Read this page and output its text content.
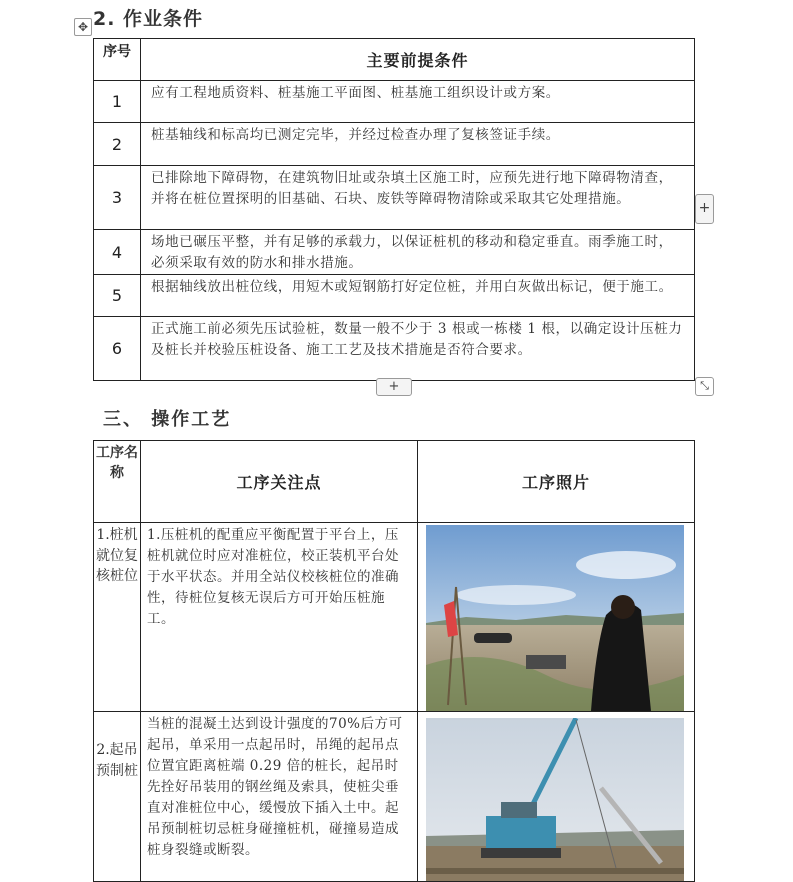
2. 作业条件
✥
序号	主要前提条件
1	应有工程地质资料、桩基施工平面图、桩基施工组织设计或方案。
2	桩基轴线和标高均已测定完毕，并经过检查办理了复核签证手续。
3	已排除地下障碍物，在建筑物旧址或杂填土区施工时，应预先进行地下障碍物清查，并将在桩位置探明的旧基础、石块、废铁等障碍物清除或采取其它处理措施。
4	场地已碾压平整，并有足够的承载力，以保证桩机的移动和稳定垂直。雨季施工时，必须采取有效的防水和排水措施。
5	根据轴线放出桩位线，用短木或短钢筋打好定位桩，并用白灰做出标记，便于施工。
6	正式施工前必须先压试验桩，数量一般不少于 3 根或一栋楼 1 根，以确定设计压桩力及桩长并校验压桩设备、施工工艺及技术措施是否符合要求。
+
+	⤡
三、 操作工艺
工序名称	工序关注点	工序照片
1.桩机就位复核桩位	1.压桩机的配重应平衡配置于平台上，压桩机就位时应对准桩位，校正装机平台处于水平状态。并用全站仪校核桩位的准确性，待桩位复核无误后方可开始压桩施工。	

2.起吊预制桩	当桩的混凝土达到设计强度的70%后方可起吊，单采用一点起吊时，吊绳的起吊点位置宜距离桩端 0.29 倍的桩长，起吊时先拴好吊装用的钢丝绳及索具，使桩尖垂直对准桩位中心，缓慢放下插入土中。起吊预制桩切忌桩身碰撞桩机，碰撞易造成桩身裂缝或断裂。	
